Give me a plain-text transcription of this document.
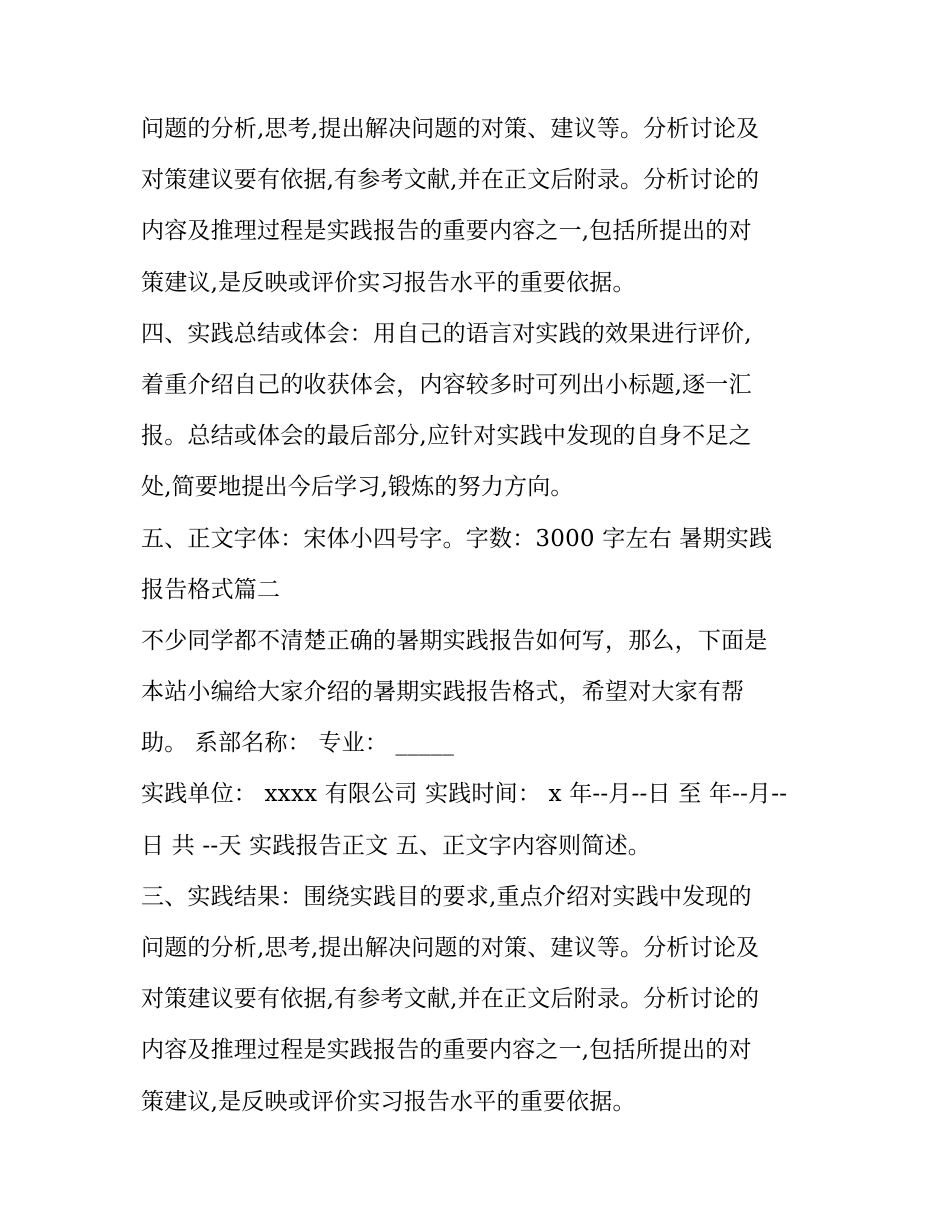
问题的分析,思考,提出解决问题的对策、建议等。分析讨论及
对策建议要有依据,有参考文献,并在正文后附录。分析讨论的
内容及推理过程是实践报告的重要内容之一,包括所提出的对
策建议,是反映或评价实习报告水平的重要依据。
四、实践总结或体会：用自己的语言对实践的效果进行评价,
着重介绍自己的收获体会，内容较多时可列出小标题,逐一汇
报。总结或体会的最后部分,应针对实践中发现的自身不足之
处,简要地提出今后学习,锻炼的努力方向。
五、正文字体：宋体小四号字。字数：3000 字左右 暑期实践
报告格式篇二
不少同学都不清楚正确的暑期实践报告如何写，那么，下面是
本站小编给大家介绍的暑期实践报告格式，希望对大家有帮
助。 系部名称： 专业： _____
实践单位： xxxx 有限公司 实践时间： x 年--月--日 至 年--月--
日 共 --天 实践报告正文 五、正文字内容则简述。
三、实践结果：围绕实践目的要求,重点介绍对实践中发现的
问题的分析,思考,提出解决问题的对策、建议等。分析讨论及
对策建议要有依据,有参考文献,并在正文后附录。分析讨论的
内容及推理过程是实践报告的重要内容之一,包括所提出的对
策建议,是反映或评价实习报告水平的重要依据。
